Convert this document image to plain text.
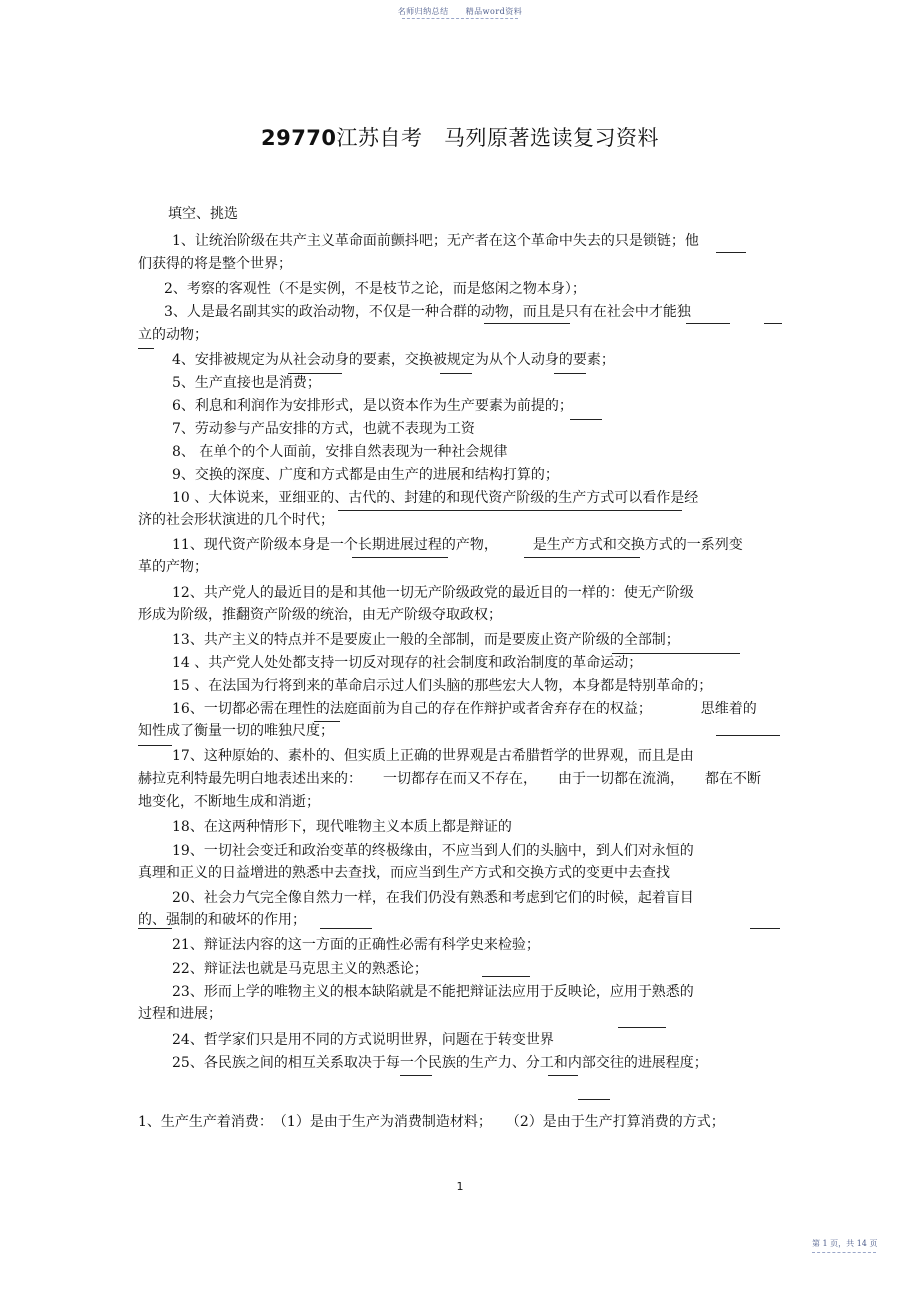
名师归纳总结　　精品word资料
29770江苏自考　马列原著选读复习资料
填空、挑选
1、让统治阶级在共产主义革命面前颤抖吧；无产者在这个革命中失去的只是锁链；他
们获得的将是整个世界；
2、考察的客观性（不是实例，不是枝节之论，而是悠闲之物本身）；
3、人是最名副其实的政治动物，不仅是一种合群的动物，而且是只有在社会中才能独
立的动物；
4、安排被规定为从社会动身的要素，交换被规定为从个人动身的要素；
5、生产直接也是消费；
6、利息和利润作为安排形式，是以资本作为生产要素为前提的；
7、劳动参与产品安排的方式，也就不表现为工资
8、 在单个的个人面前，安排自然表现为一种社会规律
9、交换的深度、广度和方式都是由生产的进展和结构打算的；
10 、大体说来，亚细亚的、古代的、封建的和现代资产阶级的生产方式可以看作是经
济的社会形状演进的几个时代；
11、现代资产阶级本身是一个长期进展过程的产物，　　　是生产方式和交换方式的一系列变
革的产物；
12、共产党人的最近目的是和其他一切无产阶级政党的最近目的一样的：使无产阶级
形成为阶级，推翻资产阶级的统治，由无产阶级夺取政权；
13、共产主义的特点并不是要废止一般的全部制，而是要废止资产阶级的全部制；
14 、共产党人处处都支持一切反对现存的社会制度和政治制度的革命运动；
15 、在法国为行将到来的革命启示过人们头脑的那些宏大人物，本身都是特别革命的；
16、一切都必需在理性的法庭面前为自己的存在作辩护或者舍弃存在的权益；　　　　思维着的
知性成了衡量一切的唯独尺度；
17、这种原始的、素朴的、但实质上正确的世界观是古希腊哲学的世界观，而且是由
赫拉克利特最先明白地表述出来的：　　一切都存在而又不存在，　　由于一切都在流淌，　　都在不断
地变化，不断地生成和消逝；
18、在这两种情形下，现代唯物主义本质上都是辩证的
19、一切社会变迁和政治变革的终极缘由，不应当到人们的头脑中，到人们对永恒的
真理和正义的日益增进的熟悉中去查找，而应当到生产方式和交换方式的变更中去查找
20、社会力气完全像自然力一样，在我们仍没有熟悉和考虑到它们的时候，起着盲目
的、强制的和破坏的作用；
21、辩证法内容的这一方面的正确性必需有科学史来检验；
22、辩证法也就是马克思主义的熟悉论；
23、形而上学的唯物主义的根本缺陷就是不能把辩证法应用于反映论，应用于熟悉的
过程和进展；
24、哲学家们只是用不同的方式说明世界，问题在于转变世界
25、各民族之间的相互关系取决于每一个民族的生产力、分工和内部交往的进展程度；
1、生产生产着消费：　（1）是由于生产为消费制造材料；　　（2）是由于生产打算消费的方式；
1
第 1 页，共 14 页
